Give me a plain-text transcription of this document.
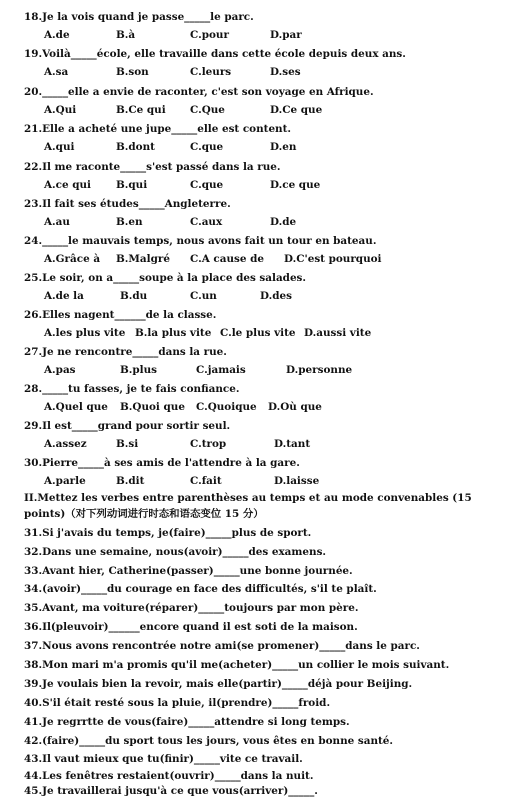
18.Je la vois quand je passe_____le parc.
A.de	B.à	C.pour	D.par
19.Voilà_____école, elle travaille dans cette école depuis deux ans.
A.sa	B.son	C.leurs	D.ses
20._____elle a envie de raconter, c'est son voyage en Afrique.
A.Qui	B.Ce qui C.Que	D.Ce que
21.Elle a acheté une jupe_____elle est content.
A.qui	B.dont	C.que	D.en
22.Il me raconte_____s'est passé dans la rue.
A.ce qui B.qui	C.que	D.ce que
23.Il fait ses études_____Angleterre.
A.au	B.en	C.aux	D.de
24._____le mauvais temps, nous avons fait un tour en bateau.
A.Grâce à B.Malgré C.A cause de D.C'est pourquoi
25.Le soir, on a_____soupe à la place des salades.
A.de la	B.du	C.un	D.des
26.Elles nagent______de la classe.
A.les plus vite B.la plus vite C.le plus vite D.aussi vite
27.Je ne rencontre_____dans la rue.
A.pas	B.plus	C.jamais	D.personne
28._____tu fasses, je te fais confiance.
A.Quel que B.Quoi que C.Quoique D.Où que
29.Il est_____grand pour sortir seul.
A.assez	B.si	C.trop	D.tant
30.Pierre_____à ses amis de l'attendre à la gare.
A.parle	B.dit	C.fait	D.laisse
II.Mettez les verbes entre parenthèses au temps et au mode convenables (15 points)（对下列动词进行时态和语态变位 15 分）
31.Si j'avais du temps, je(faire)_____plus de sport.
32.Dans une semaine, nous(avoir)_____des examens.
33.Avant hier, Catherine(passer)_____une bonne journée.
34.(avoir)_____du courage en face des difficultés, s'il te plaît.
35.Avant, ma voiture(réparer)_____toujours par mon père.
36.Il(pleuvoir)______encore quand il est soti de la maison.
37.Nous avons rencontrée notre ami(se promener)_____dans le parc.
38.Mon mari m'a promis qu'il me(acheter)_____un collier le mois suivant.
39.Je voulais bien la revoir, mais elle(partir)_____déjà pour Beijing.
40.S'il était resté sous la pluie, il(prendre)_____froid.
41.Je regrrtte de vous(faire)_____attendre si long temps.
42.(faire)_____du sport tous les jours, vous êtes en bonne santé.
43.Il vaut mieux que tu(finir)_____vite ce travail.
44.Les fenêtres restaient(ouvrir)_____dans la nuit.
45.Je travaillerai jusqu'à ce que vous(arriver)_____.
